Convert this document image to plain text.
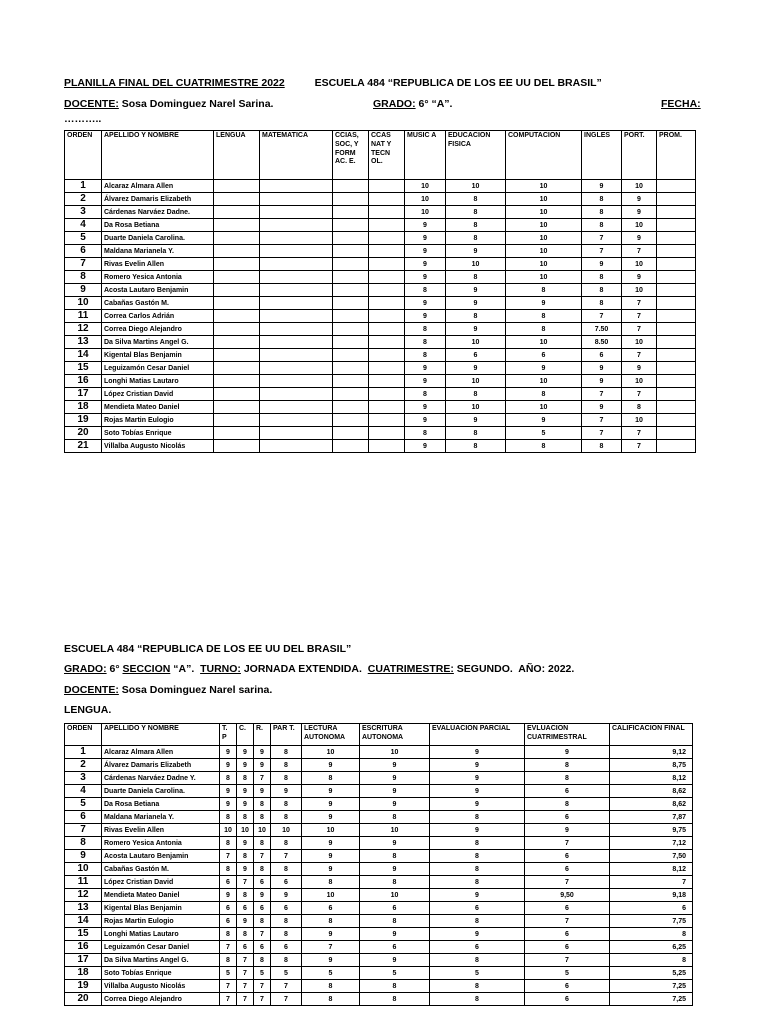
PLANILLA FINAL DEL CUATRIMESTRE 2022	ESCUELA 484 “REPUBLICA DE LOS EE UU DEL BRASIL”
DOCENTE: Sosa Dominguez Narel Sarina.	GRADO: 6° “A”.	FECHA:
………..
ORDEN	APELLIDO Y NOMBRE	LENGUA	MATEMATICA	CCIAS, SOC, Y FORM AC. E.	CCAS NAT Y TECN OL.	MUSIC A	EDUCACION FISICA	COMPUTACION	INGLES	PORT.	PROM.
1	Alcaraz Almara Allen					10	10	10	9	10	
2	Álvarez Damaris Elizabeth					10	8	10	8	9	
3	Cárdenas Narváez Dadne.					10	8	10	8	9	
4	Da Rosa Betiana					9	8	10	8	10	
5	Duarte Daniela Carolina.					9	8	10	7	9	
6	Maldana Marianela Y.					9	9	10	7	7	
7	Rivas Evelin Allen					9	10	10	9	10	
8	Romero Yesica Antonia					9	8	10	8	9	
9	Acosta Lautaro Benjamin					8	9	8	8	10	
10	Cabañas Gastón M.					9	9	9	8	7	
11	Correa Carlos Adrián					9	8	8	7	7	
12	Correa Diego Alejandro					8	9	8	7.50	7	
13	Da Silva Martins Angel G.					8	10	10	8.50	10	
14	Kigental Blas Benjamin					8	6	6	6	7	
15	Leguizamón Cesar Daniel					9	9	9	9	9	
16	Longhi Matias Lautaro					9	10	10	9	10	
17	López Cristian David					8	8	8	7	7	
18	Mendieta Mateo Daniel					9	10	10	9	8	
19	Rojas Martin Eulogio					9	9	9	7	10	
20	Soto Tobías Enrique					8	8	5	7	7	
21	Villalba Augusto Nicolás					9	8	8	8	7	
ESCUELA 484 “REPUBLICA DE LOS EE UU DEL BRASIL”
GRADO: 6° SECCION “A”. TURNO: JORNADA EXTENDIDA. CUATRIMESTRE: SEGUNDO. AÑO: 2022.
DOCENTE: Sosa Dominguez Narel sarina.
LENGUA.
ORDEN	APELLIDO Y NOMBRE	T. P	C.	R.	PAR T.	LECTURA AUTONOMA	ESCRITURA AUTONOMA	EVALUACION PARCIAL	EVLUACION CUATRIMESTRAL	CALIFICACION FINAL
1	Alcaraz Almara Allen	9	9	9	8	10	10	9	9	9,12
2	Álvarez Damaris Elizabeth	9	9	9	8	9	9	9	8	8,75
3	Cárdenas Narváez Dadne Y.	8	8	7	8	8	9	9	8	8,12
4	Duarte Daniela Carolina.	9	9	9	9	9	9	9	6	8,62
5	Da Rosa Betiana	9	9	8	8	9	9	9	8	8,62
6	Maldana Marianela Y.	8	8	8	8	9	8	8	6	7,87
7	Rivas Evelin Allen	10	10	10	10	10	10	9	9	9,75
8	Romero Yesica Antonia	8	9	8	8	9	9	8	7	7,12
9	Acosta Lautaro Benjamin	7	8	7	7	9	8	8	6	7,50
10	Cabañas Gastón M.	8	9	8	8	9	9	8	6	8,12
11	López Cristian David	6	7	6	6	8	8	8	7	7
12	Mendieta Mateo Daniel	9	8	9	9	10	10	9	9,50	9,18
13	Kigental Blas Benjamin	6	6	6	6	6	6	6	6	6
14	Rojas Martin Eulogio	6	9	8	8	8	8	8	7	7,75
15	Longhi Matias Lautaro	8	8	7	8	9	9	9	6	8
16	Leguizamón Cesar Daniel	7	6	6	6	7	6	6	6	6,25
17	Da Silva Martins Angel G.	8	7	8	8	9	9	8	7	8
18	Soto Tobías Enrique	5	7	5	5	5	5	5	5	5,25
19	Villalba Augusto Nicolás	7	7	7	7	8	8	8	6	7,25
20	Correa Diego Alejandro	7	7	7	7	8	8	8	6	7,25
